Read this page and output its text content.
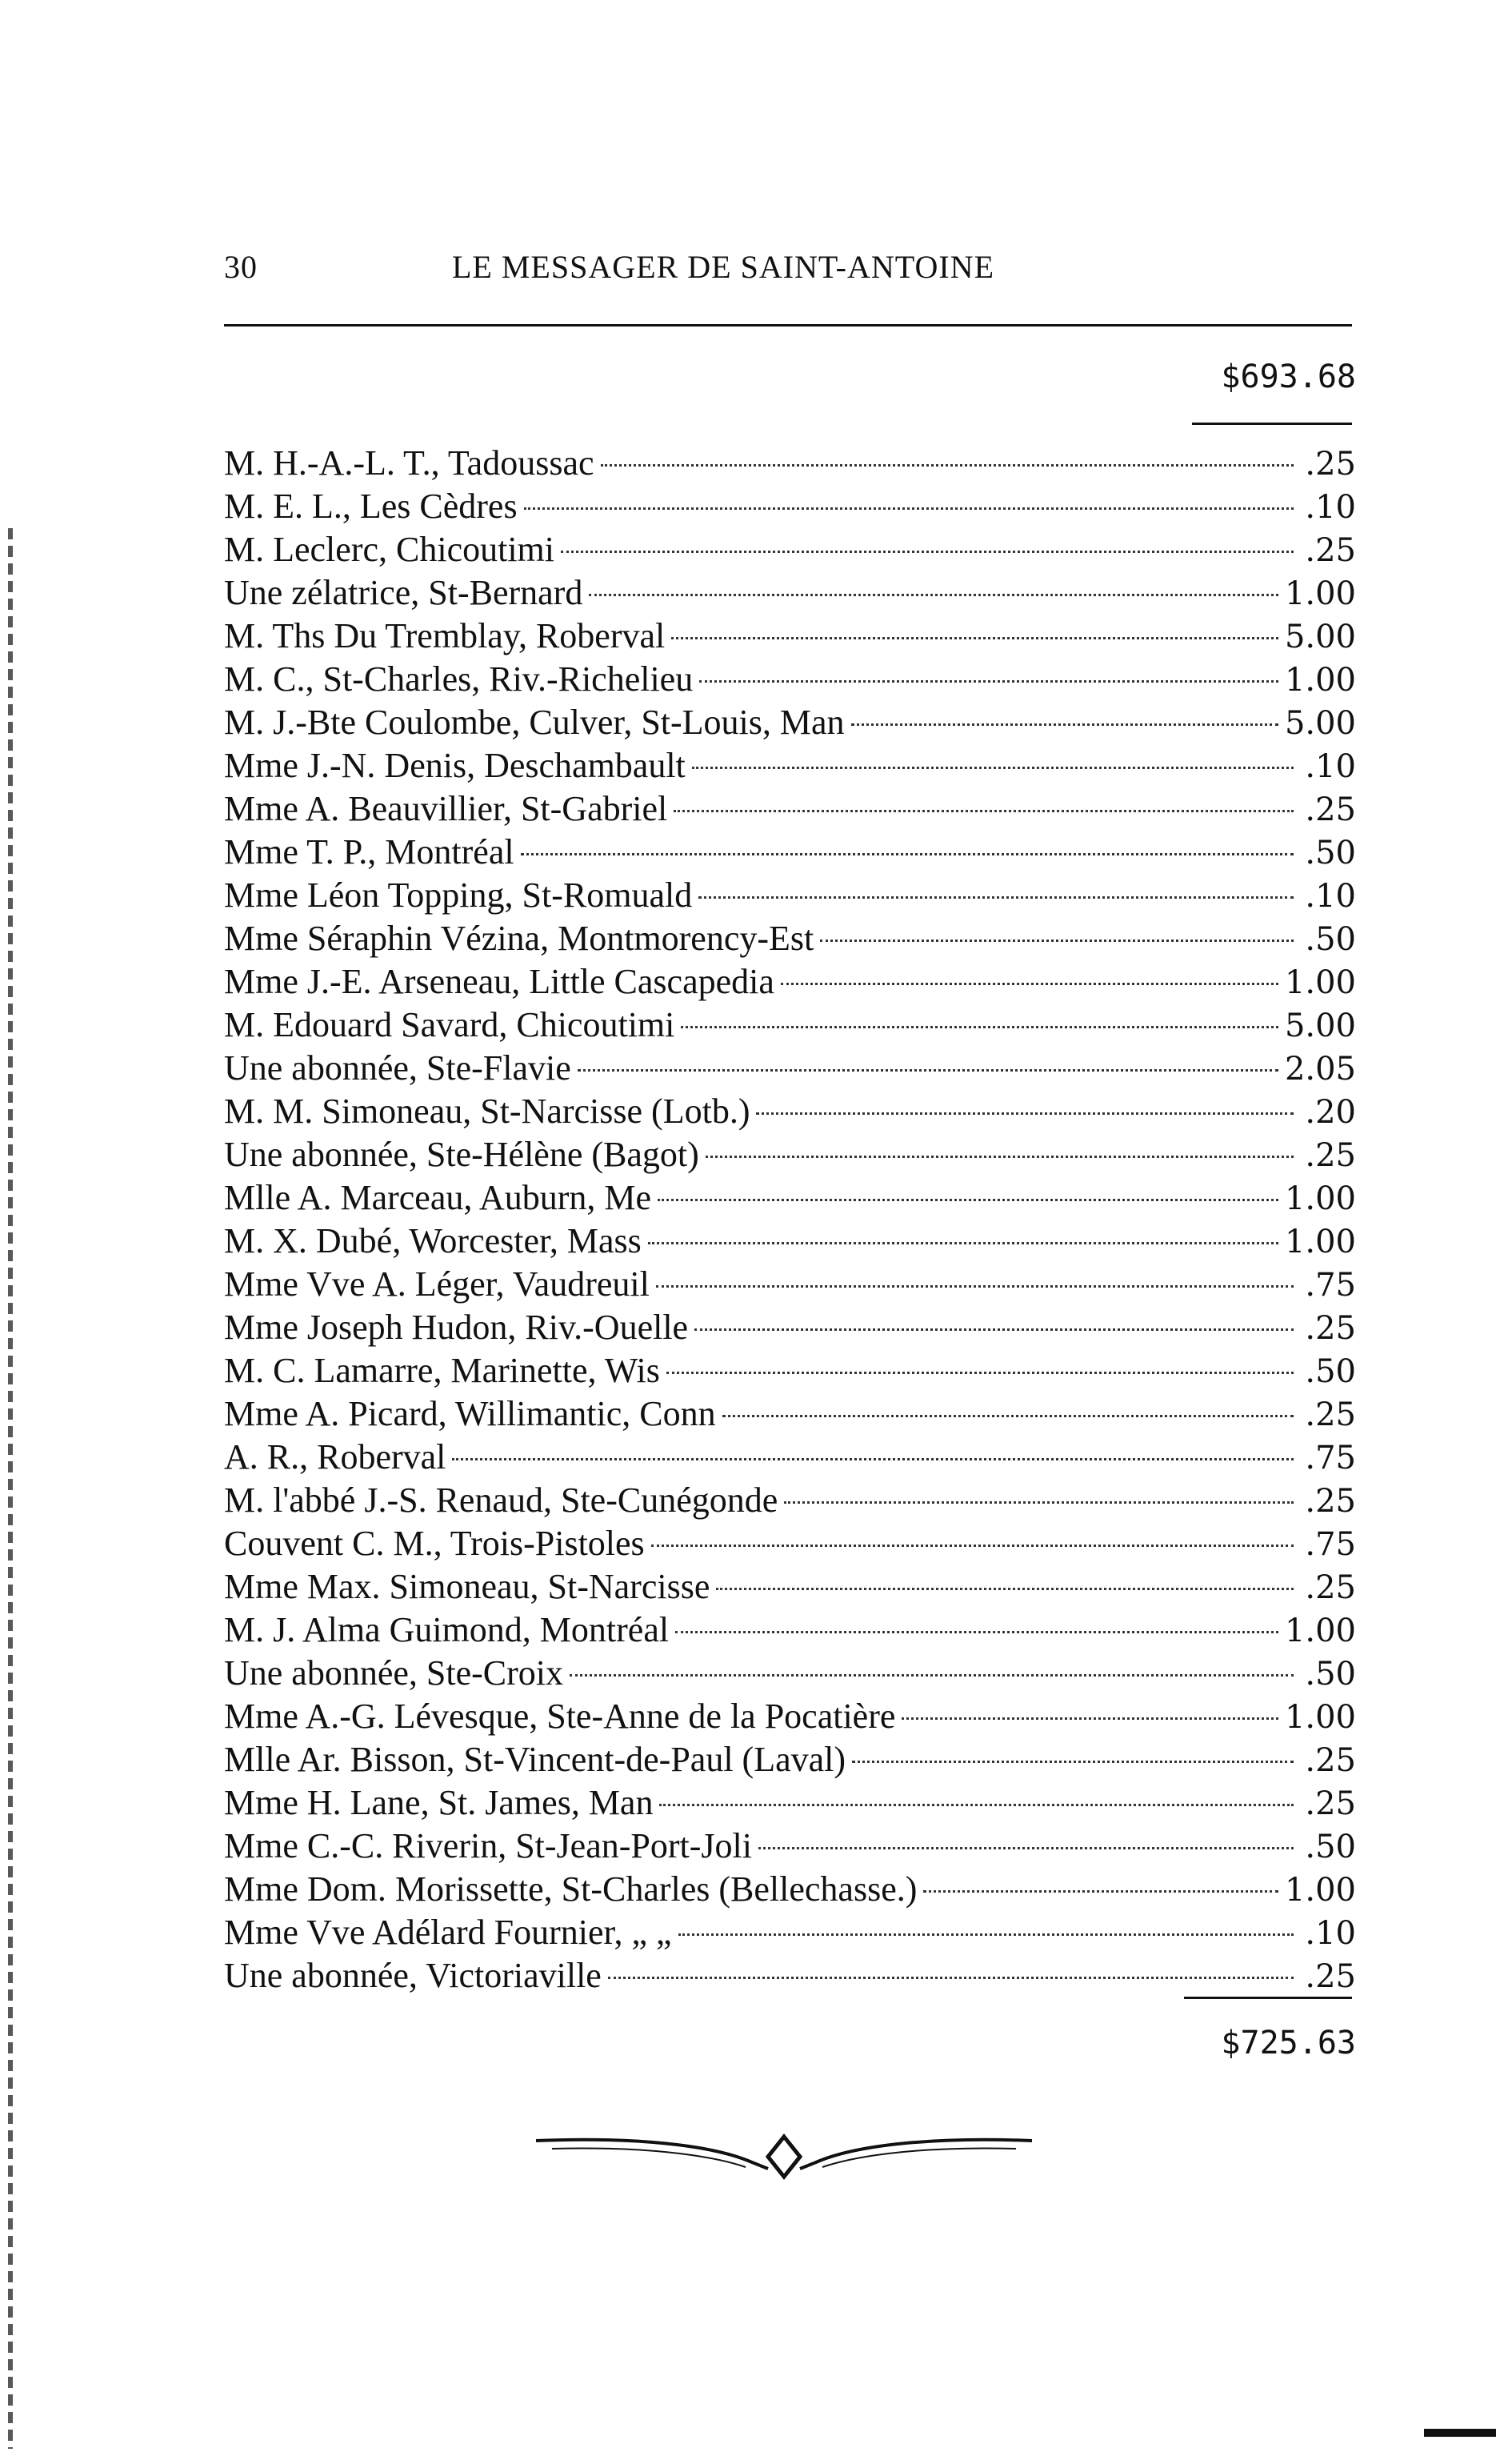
30	LE MESSAGER DE SAINT-ANTOINE
$693.68
M. H.-A.-L. T., Tadoussac	.25
M. E. L., Les Cèdres	.10
M. Leclerc, Chicoutimi	.25
Une zélatrice, St-Bernard	1.00
M. Ths Du Tremblay, Roberval	5.00
M. C., St-Charles, Riv.-Richelieu	1.00
M. J.-Bte Coulombe, Culver, St-Louis, Man	5.00
Mme J.-N. Denis, Deschambault	.10
Mme A. Beauvillier, St-Gabriel	.25
Mme T. P., Montréal	.50
Mme Léon Topping, St-Romuald	.10
Mme Séraphin Vézina, Montmorency-Est	.50
Mme J.-E. Arseneau, Little Cascapedia	1.00
M. Edouard Savard, Chicoutimi	5.00
Une abonnée, Ste-Flavie	2.05
M. M. Simoneau, St-Narcisse (Lotb.)	.20
Une abonnée, Ste-Hélène (Bagot)	.25
Mlle A. Marceau, Auburn, Me	1.00
M. X. Dubé, Worcester, Mass	1.00
Mme Vve A. Léger, Vaudreuil	.75
Mme Joseph Hudon, Riv.-Ouelle	.25
M. C. Lamarre, Marinette, Wis	.50
Mme A. Picard, Willimantic, Conn	.25
A. R., Roberval	.75
M. l'abbé J.-S. Renaud, Ste-Cunégonde	.25
Couvent C. M., Trois-Pistoles	.75
Mme Max. Simoneau, St-Narcisse	.25
M. J. Alma Guimond, Montréal	1.00
Une abonnée, Ste-Croix	.50
Mme A.-G. Lévesque, Ste-Anne de la Pocatière	1.00
Mlle Ar. Bisson, St-Vincent-de-Paul (Laval)	.25
Mme H. Lane, St. James, Man	.25
Mme C.-C. Riverin, St-Jean-Port-Joli	.50
Mme Dom. Morissette, St-Charles (Bellechasse.)	1.00
Mme Vve Adélard Fournier, „ „	.10
Une abonnée, Victoriaville	.25
$725.63
